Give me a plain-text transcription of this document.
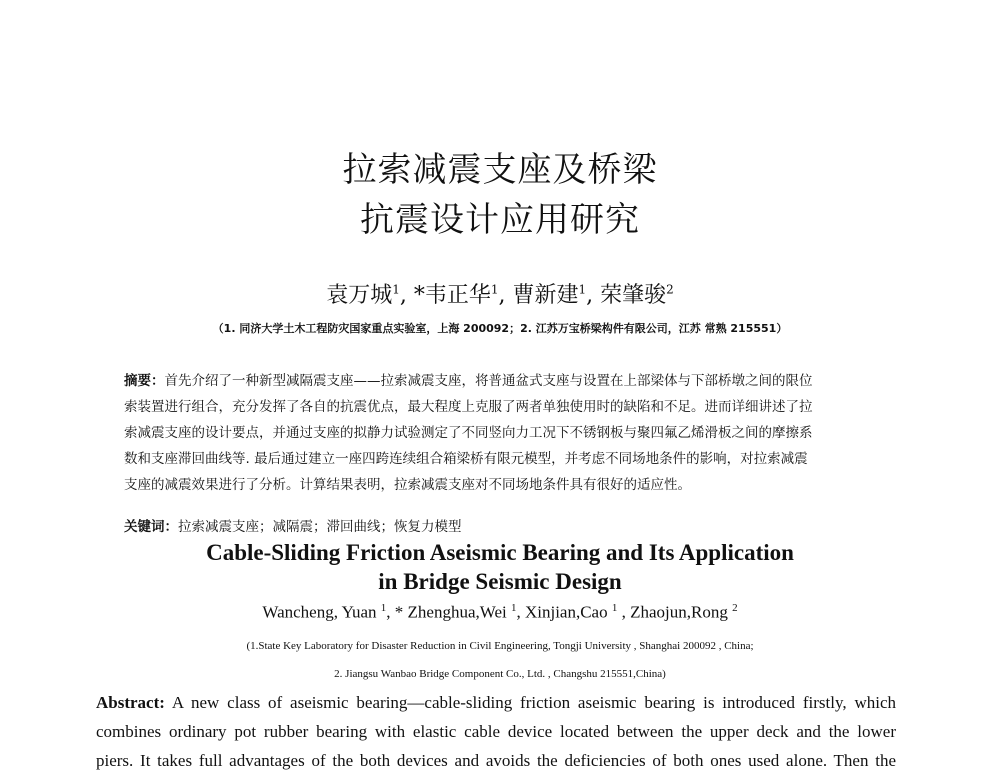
拉索减震支座及桥梁
抗震设计应用研究
袁万城$^1$, *韦正华$^1$, 曹新建$^1$, 荣肇骏$^2$
（1. 同济大学土木工程防灾国家重点实验室，上海 200092；2. 江苏万宝桥梁构件有限公司，江苏 常熟 215551）
摘要：首先介绍了一种新型减隔震支座——拉索减震支座，将普通盆式支座与设置在上部梁体与下部桥墩之间的限位
索装置进行组合，充分发挥了各自的抗震优点，最大程度上克服了两者单独使用时的缺陷和不足。进而详细讲述了拉
索减震支座的设计要点，并通过支座的拟静力试验测定了不同竖向力工况下不锈钢板与聚四氟乙烯滑板之间的摩擦系
数和支座滞回曲线等. 最后通过建立一座四跨连续组合箱梁桥有限元模型，并考虑不同场地条件的影响，对拉索减震
支座的减震效果进行了分析。计算结果表明，拉索减震支座对不同场地条件具有很好的适应性。
关键词：拉索减震支座；减隔震；滞回曲线；恢复力模型
Cable-Sliding Friction Aseismic Bearing and Its Application
in Bridge Seismic Design
Wancheng, Yuan $^1$, * Zhenghua,Wei $^1$, Xinjian,Cao $^1$ , Zhaojun,Rong $^2$
(1.State Key Laboratory for Disaster Reduction in Civil Engineering, Tongji University , Shanghai 200092 , China;
2. Jiangsu Wanbao Bridge Component Co., Ltd. , Changshu 215551,China)
Abstract: A new class of aseismic bearing—cable-sliding friction aseismic bearing is introduced firstly, which
combines ordinary pot rubber bearing with elastic cable device located between the upper deck and the lower
piers. It takes full advantages of the both devices and avoids the deficiencies of both ones used alone. Then the
